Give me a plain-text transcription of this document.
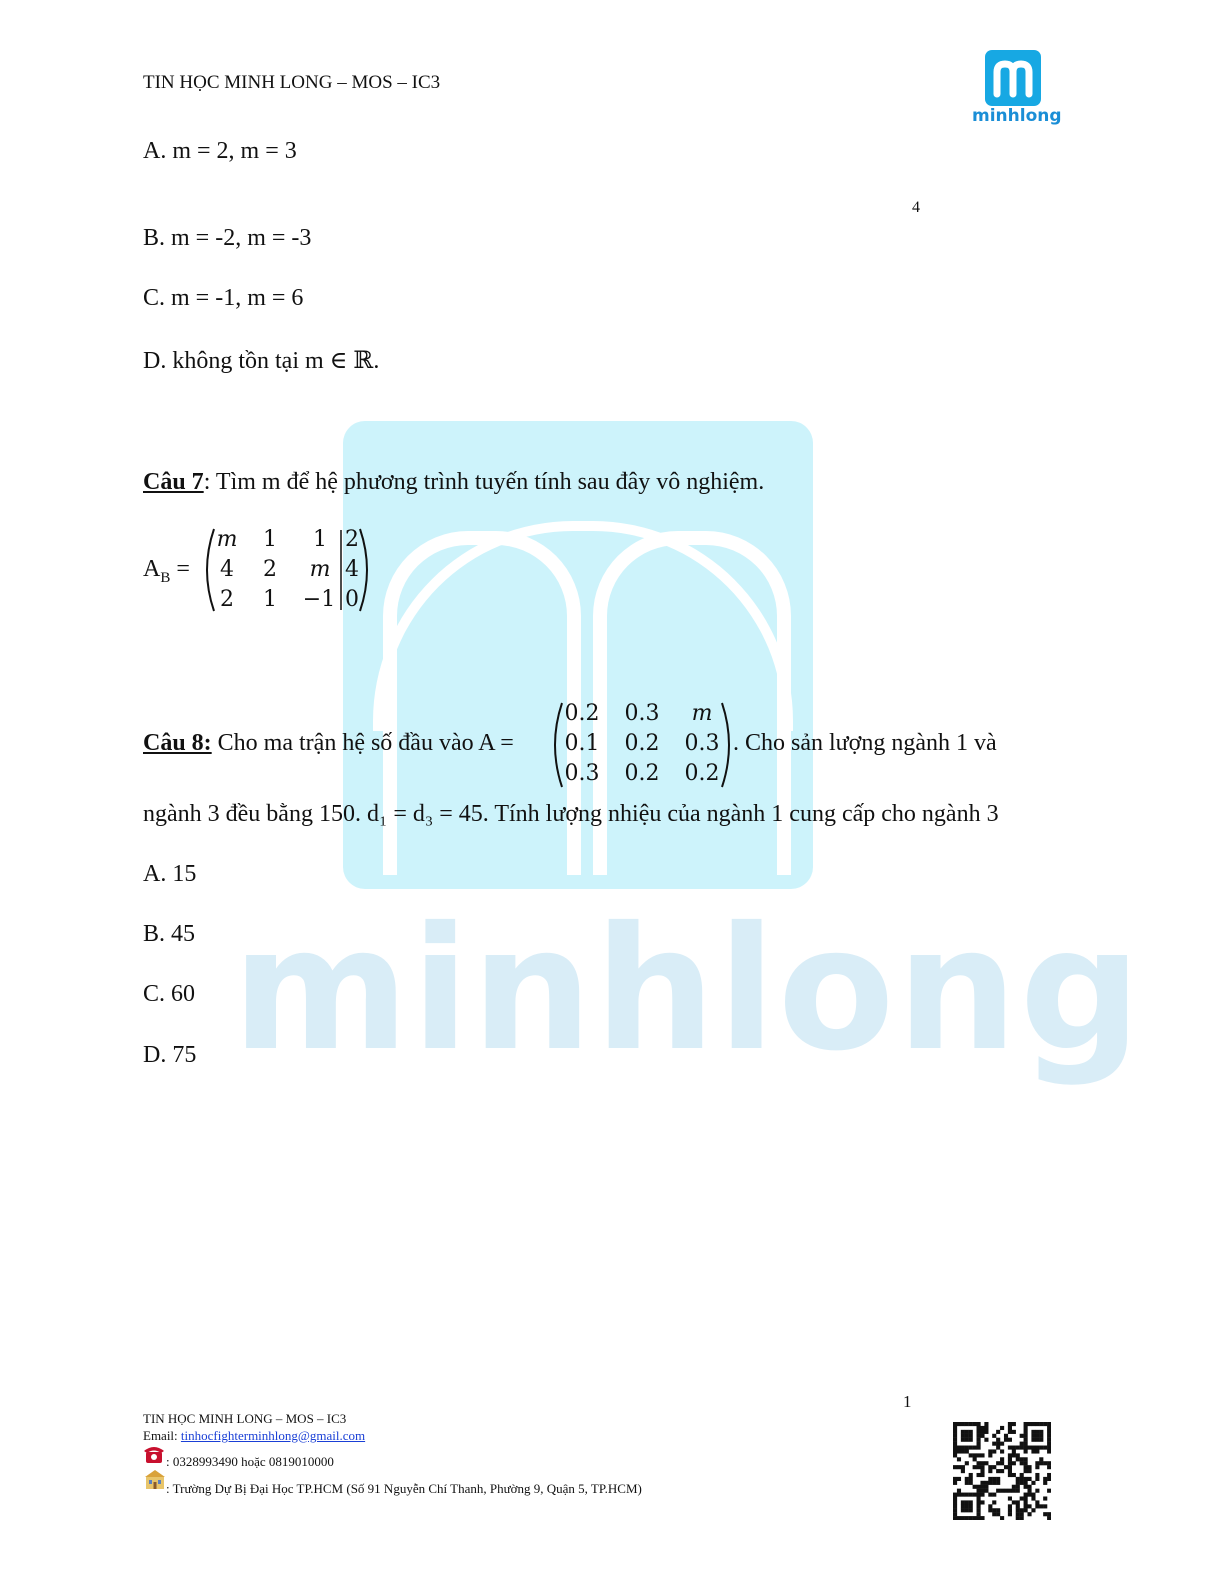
minhlong
TIN HỌC MINH LONG – MOS – IC3
minhlong
4
A. m = 2, m = 3
B. m = -2, m = -3
C. m = -1, m = 6
D. không tồn tại m ∈ ℝ.
Câu 7: Tìm m để hệ phương trình tuyến tính sau đây vô nghiệm.
$A_B$ =
m	1	1 2
4	2	m 4
2	1	−1 0
Câu 8: Cho ma trận hệ số đầu vào A =
0.2 0.3	m
0.1 0.2 0.3
0.3 0.2 0.2
. Cho sản lượng ngành 1 và
ngành 3 đều bằng 150. d₁ = d₃ = 45. Tính lượng nhiệu của ngành 1 cung cấp cho ngành 3
A. 15
B. 45
C. 60
D. 75
1
TIN HỌC MINH LONG – MOS – IC3
Email: tinhocfighterminhlong@gmail.com
: 0328993490 hoặc 0819010000
: Trường Dự Bị Đại Học TP.HCM (Số 91 Nguyễn Chí Thanh, Phường 9, Quận 5, TP.HCM)
